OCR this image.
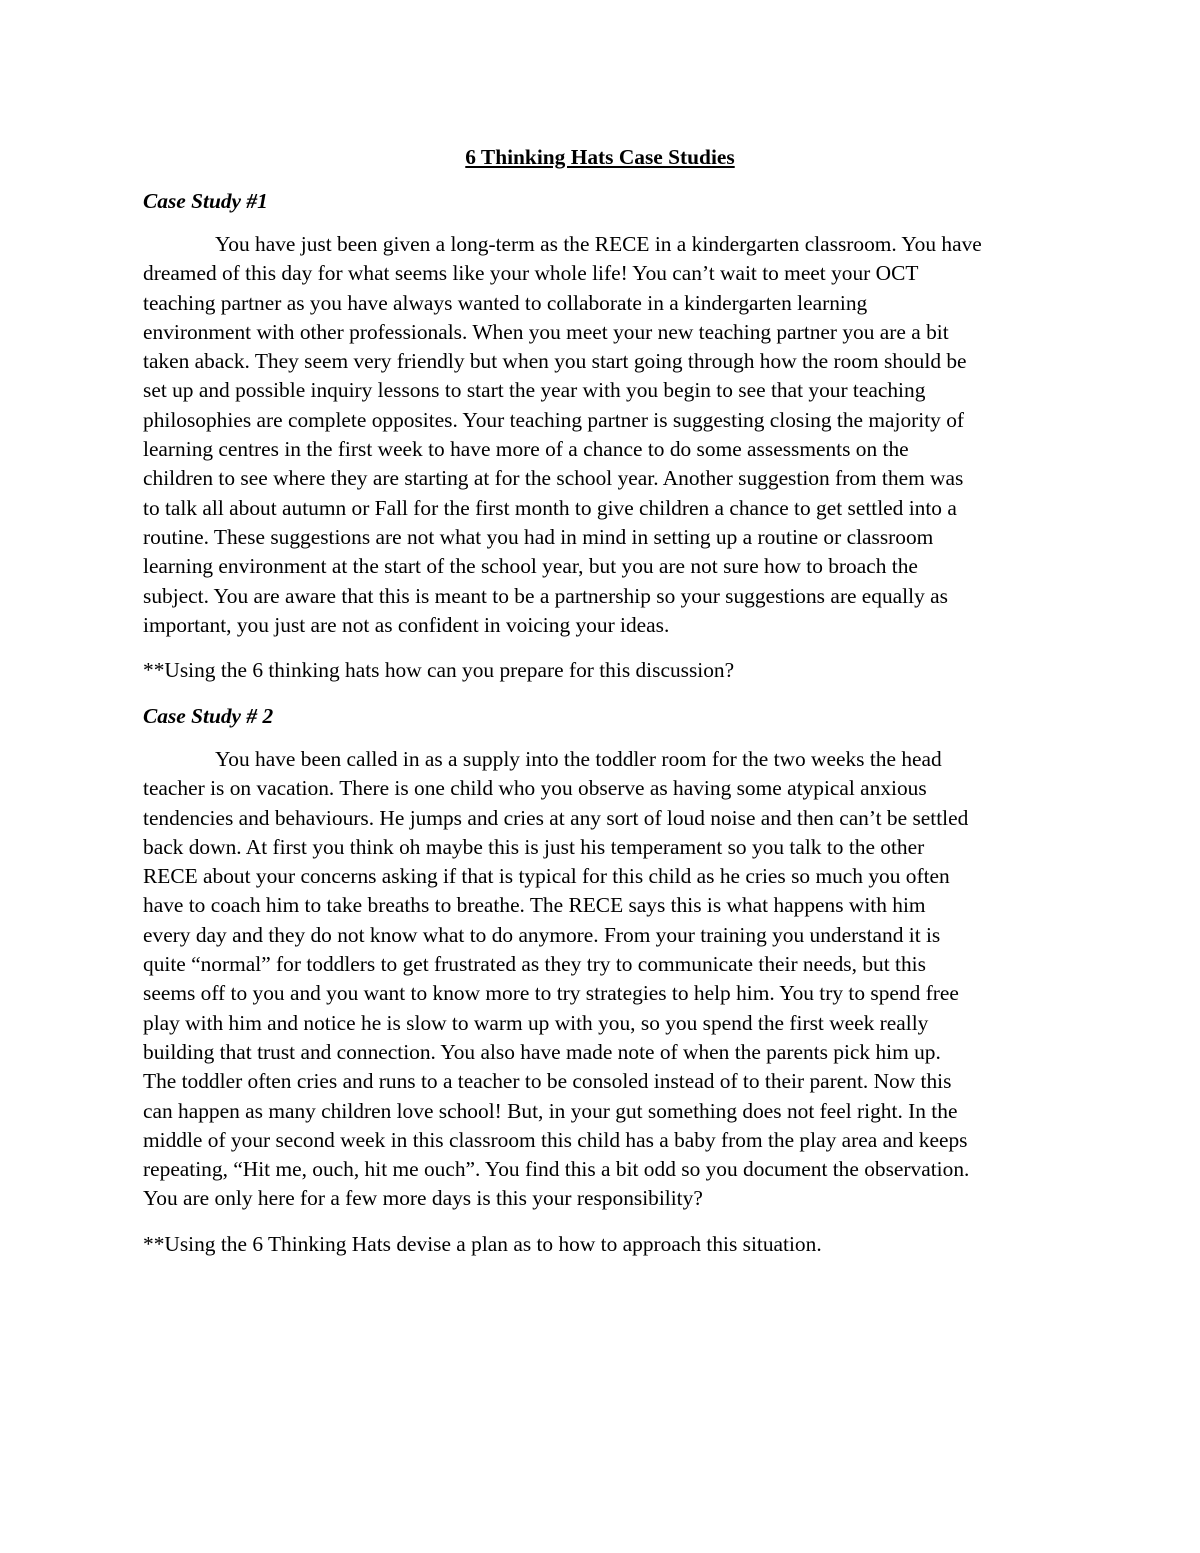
6 Thinking Hats Case Studies
Case Study #1

You have just been given a long-term as the RECE in a kindergarten classroom. You have
dreamed of this day for what seems like your whole life! You can’t wait to meet your OCT
teaching partner as you have always wanted to collaborate in a kindergarten learning
environment with other professionals. When you meet your new teaching partner you are a bit
taken aback. They seem very friendly but when you start going through how the room should be
set up and possible inquiry lessons to start the year with you begin to see that your teaching
philosophies are complete opposites. Your teaching partner is suggesting closing the majority of
learning centres in the first week to have more of a chance to do some assessments on the
children to see where they are starting at for the school year. Another suggestion from them was
to talk all about autumn or Fall for the first month to give children a chance to get settled into a
routine. These suggestions are not what you had in mind in setting up a routine or classroom
learning environment at the start of the school year, but you are not sure how to broach the
subject. You are aware that this is meant to be a partnership so your suggestions are equally as
important, you just are not as confident in voicing your ideas.

**Using the 6 thinking hats how can you prepare for this discussion?
Case Study # 2

You have been called in as a supply into the toddler room for the two weeks the head
teacher is on vacation. There is one child who you observe as having some atypical anxious
tendencies and behaviours. He jumps and cries at any sort of loud noise and then can’t be settled
back down. At first you think oh maybe this is just his temperament so you talk to the other
RECE about your concerns asking if that is typical for this child as he cries so much you often
have to coach him to take breaths to breathe. The RECE says this is what happens with him
every day and they do not know what to do anymore. From your training you understand it is
quite “normal” for toddlers to get frustrated as they try to communicate their needs, but this
seems off to you and you want to know more to try strategies to help him. You try to spend free
play with him and notice he is slow to warm up with you, so you spend the first week really
building that trust and connection. You also have made note of when the parents pick him up.
The toddler often cries and runs to a teacher to be consoled instead of to their parent. Now this
can happen as many children love school! But, in your gut something does not feel right. In the
middle of your second week in this classroom this child has a baby from the play area and keeps
repeating, “Hit me, ouch, hit me ouch”. You find this a bit odd so you document the observation.
You are only here for a few more days is this your responsibility?

**Using the 6 Thinking Hats devise a plan as to how to approach this situation.
